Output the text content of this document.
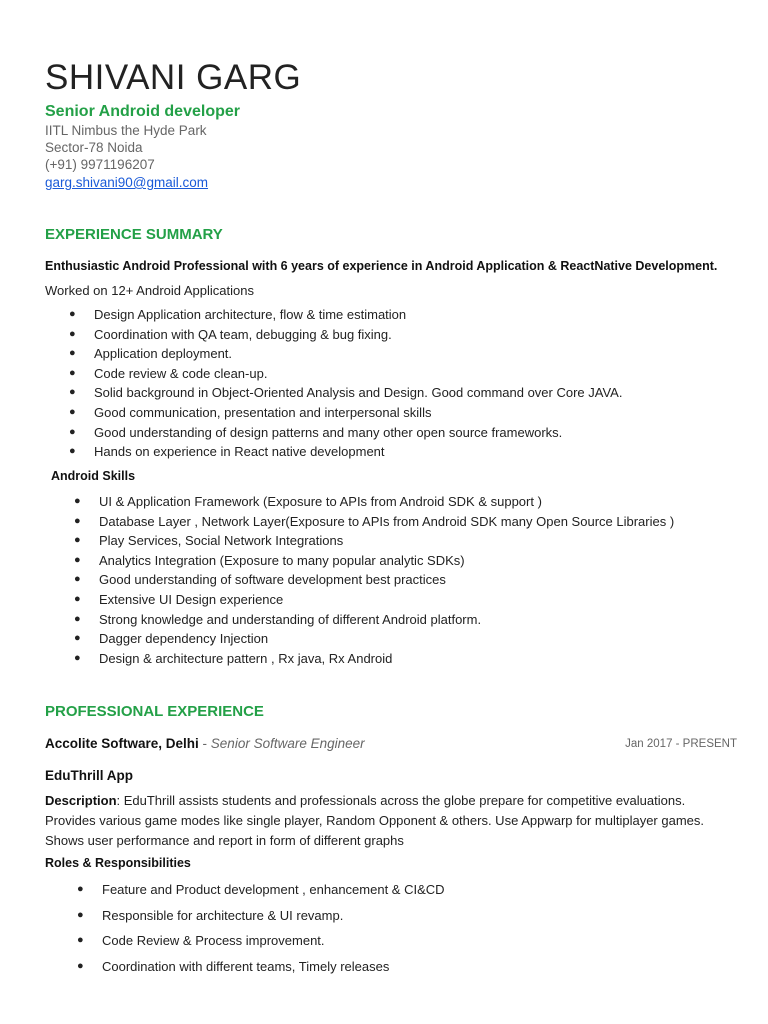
SHIVANI GARG
Senior Android developer
IITL Nimbus the Hyde Park
Sector-78 Noida
(+91) 9971196207
garg.shivani90@gmail.com
EXPERIENCE SUMMARY
Enthusiastic Android Professional with 6 years of experience in Android Application & ReactNative Development.
Worked on 12+ Android Applications
● Design Application architecture, flow & time estimation
● Coordination with QA team, debugging & bug fixing.
● Application deployment.
● Code review & code clean-up.
● Solid background in Object-Oriented Analysis and Design. Good command over Core JAVA.
● Good communication, presentation and interpersonal skills
● Good understanding of design patterns and many other open source frameworks.
● Hands on experience in React native development
Android Skills
● UI & Application Framework (Exposure to APIs from Android SDK & support )
● Database Layer , Network Layer(Exposure to APIs from Android SDK many Open Source Libraries )
● Play Services, Social Network Integrations
● Analytics Integration (Exposure to many popular analytic SDKs)
● Good understanding of software development best practices
● Extensive UI Design experience
● Strong knowledge and understanding of different Android platform.
● Dagger dependency Injection
● Design & architecture pattern , Rx java, Rx Android
PROFESSIONAL EXPERIENCE
Accolite Software, Delhi - Senior Software Engineer	Jan 2017 - PRESENT
EduThrill App
Description: EduThrill assists students and professionals across the globe prepare for competitive evaluations. Provides various game modes like single player, Random Opponent & others. Use Appwarp for multiplayer games. Shows user performance and report in form of different graphs
Roles & Responsibilities
● Feature and Product development , enhancement & CI&CD
● Responsible for architecture & UI revamp.
● Code Review & Process improvement.
● Coordination with different teams, Timely releases
